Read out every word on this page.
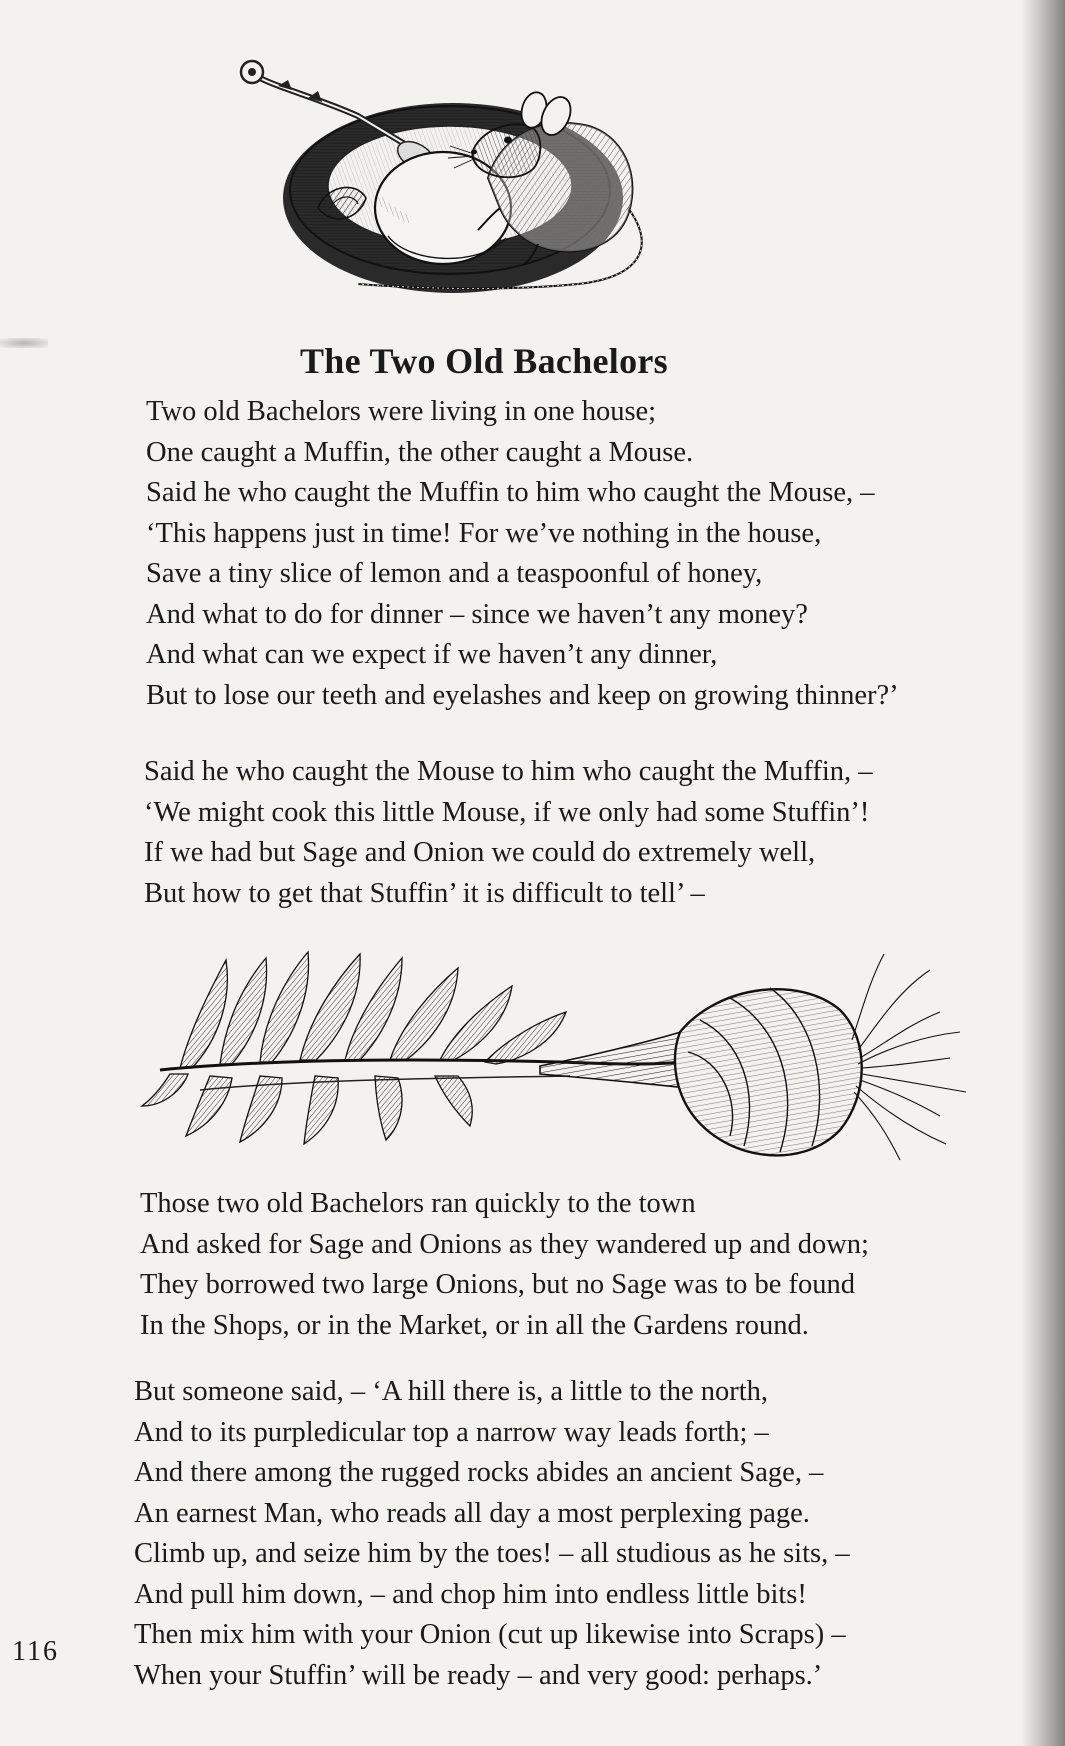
The Two Old Bachelors
Two old Bachelors were living in one house;
One caught a Muffin, the other caught a Mouse.
Said he who caught the Muffin to him who caught the Mouse, –
‘This happens just in time! For we’ve nothing in the house,
Save a tiny slice of lemon and a teaspoonful of honey,
And what to do for dinner – since we haven’t any money?
And what can we expect if we haven’t any dinner,
But to lose our teeth and eyelashes and keep on growing thinner?’
Said he who caught the Mouse to him who caught the Muffin, –
‘We might cook this little Mouse, if we only had some Stuffin’!
If we had but Sage and Onion we could do extremely well,
But how to get that Stuffin’ it is difficult to tell’ –
Those two old Bachelors ran quickly to the town
And asked for Sage and Onions as they wandered up and down;
They borrowed two large Onions, but no Sage was to be found
In the Shops, or in the Market, or in all the Gardens round.
But someone said, – ‘A hill there is, a little to the north,
And to its purpledicular top a narrow way leads forth; –
And there among the rugged rocks abides an ancient Sage, –
An earnest Man, who reads all day a most perplexing page.
Climb up, and seize him by the toes! – all studious as he sits, –
And pull him down, – and chop him into endless little bits!
Then mix him with your Onion (cut up likewise into Scraps) –
When your Stuffin’ will be ready – and very good: perhaps.’
116
